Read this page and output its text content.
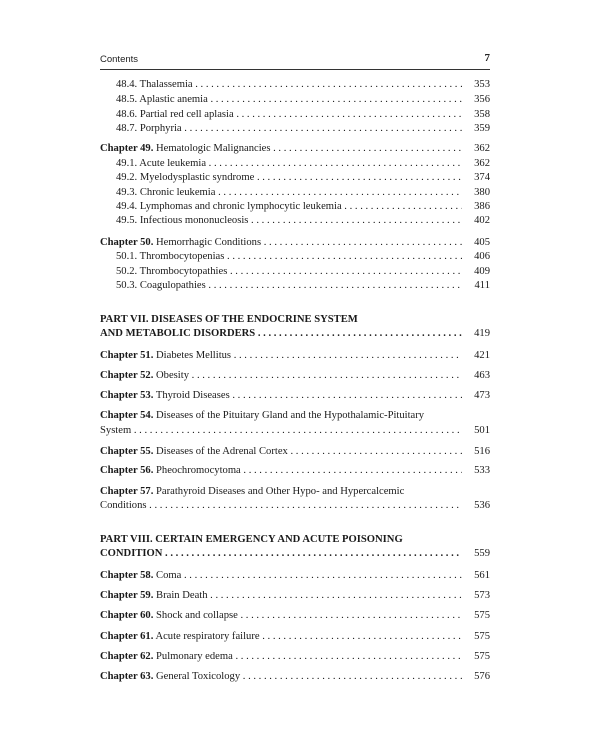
Contents	7
48.4. Thalassemia . . .	353
48.5. Aplastic anemia . . .	356
48.6. Partial red cell aplasia . . .	358
48.7. Porphyria . . .	359
Chapter 49. Hematologic Malignancies . . .	362
49.1. Acute leukemia . . .	362
49.2. Myelodysplastic syndrome . . .	374
49.3. Chronic leukemia . . .	380
49.4. Lymphomas and chronic lymphocytic leukemia . . .	386
49.5. Infectious mononucleosis . . .	402
Chapter 50. Hemorrhagic Conditions . . .	405
50.1. Thrombocytopenias . . .	406
50.2. Thrombocytopathies . . .	409
50.3. Coagulopathies . . .	411
PART VII. DISEASES OF THE ENDOCRINE SYSTEM
AND METABOLIC DISORDERS . . .	419
Chapter 51. Diabetes Mellitus . . .	421
Chapter 52. Obesity . . .	463
Chapter 53. Thyroid Diseases . . .	473
Chapter 54. Diseases of the Pituitary Gland and the Hypothalamic-Pituitary
System . . .	501
Chapter 55. Diseases of the Adrenal Cortex . . .	516
Chapter 56. Pheochromocytoma . . .	533
Chapter 57. Parathyroid Diseases and Other Hypo- and Hypercalcemic
Conditions . . .	536
PART VIII. CERTAIN EMERGENCY AND ACUTE POISONING
CONDITION . . .	559
Chapter 58. Coma . . .	561
Chapter 59. Brain Death . . .	573
Chapter 60. Shock and collapse . . .	575
Chapter 61. Acute respiratory failure . . .	575
Chapter 62. Pulmonary edema . . .	575
Chapter 63. General Toxicology . . .	576
